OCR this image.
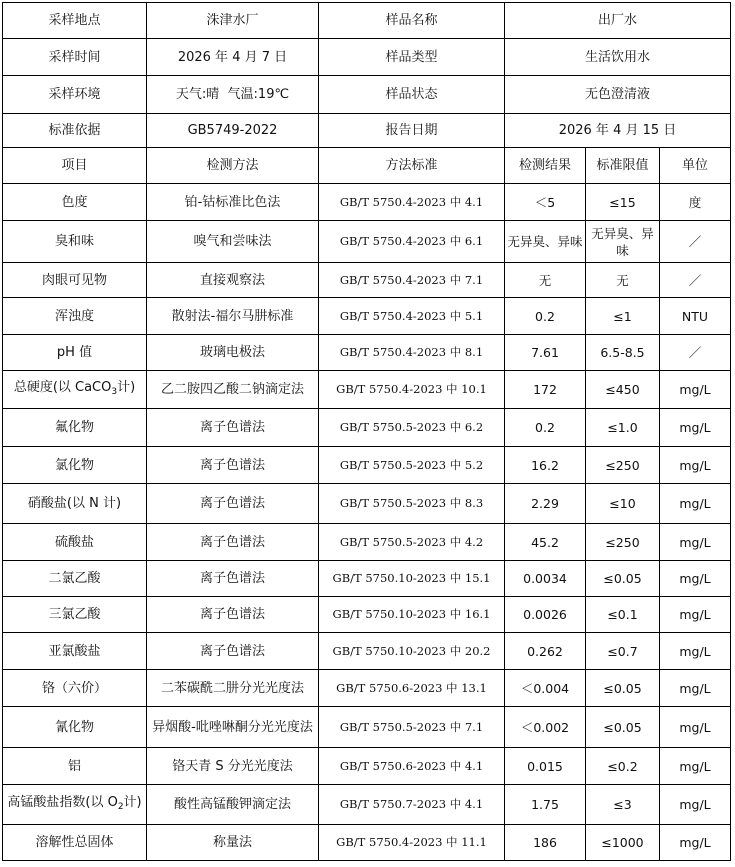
采样地点	洙津水厂	样品名称	出厂水		
采样时间	2026 年 4 月 7 日	样品类型	生活饮用水		
采样环境	天气:晴  气温:19℃	样品状态	无色澄清液		
标准依据	GB5749-2022	报告日期	2026 年 4 月 15 日		
项目	检测方法	方法标准	检测结果	标准限值	单位
色度	铂-钴标准比色法	GB/T 5750.4-2023 中 4.1	＜5	≤15	度
臭和味	嗅气和尝味法	GB/T 5750.4-2023 中 6.1	无异臭、异味	无异臭、异味	／
肉眼可见物	直接观察法	GB/T 5750.4-2023 中 7.1	无	无	／
浑浊度	散射法-福尔马肼标准	GB/T 5750.4-2023 中 5.1	0.2	≤1	NTU
pH 值	玻璃电极法	GB/T 5750.4-2023 中 8.1	7.61	6.5-8.5	／
总硬度(以 CaCO$_3$计)	乙二胺四乙酸二钠滴定法	GB/T 5750.4-2023 中 10.1	172	≤450	mg/L
氟化物	离子色谱法	GB/T 5750.5-2023 中 6.2	0.2	≤1.0	mg/L
氯化物	离子色谱法	GB/T 5750.5-2023 中 5.2	16.2	≤250	mg/L
硝酸盐(以 N 计)	离子色谱法	GB/T 5750.5-2023 中 8.3	2.29	≤10	mg/L
硫酸盐	离子色谱法	GB/T 5750.5-2023 中 4.2	45.2	≤250	mg/L
二氯乙酸	离子色谱法	GB/T 5750.10-2023 中 15.1	0.0034	≤0.05	mg/L
三氯乙酸	离子色谱法	GB/T 5750.10-2023 中 16.1	0.0026	≤0.1	mg/L
亚氯酸盐	离子色谱法	GB/T 5750.10-2023 中 20.2	0.262	≤0.7	mg/L
铬（六价）	二苯碳酰二肼分光光度法	GB/T 5750.6-2023 中 13.1	＜0.004	≤0.05	mg/L
氰化物	异烟酸-吡唑啉酮分光光度法	GB/T 5750.5-2023 中 7.1	＜0.002	≤0.05	mg/L
铝	铬天青 S 分光光度法	GB/T 5750.6-2023 中 4.1	0.015	≤0.2	mg/L
高锰酸盐指数(以 $O_2$计)	酸性高锰酸钾滴定法	GB/T 5750.7-2023 中 4.1	1.75	≤3	mg/L
溶解性总固体	称量法	GB/T 5750.4-2023 中 11.1	186	≤1000	mg/L
